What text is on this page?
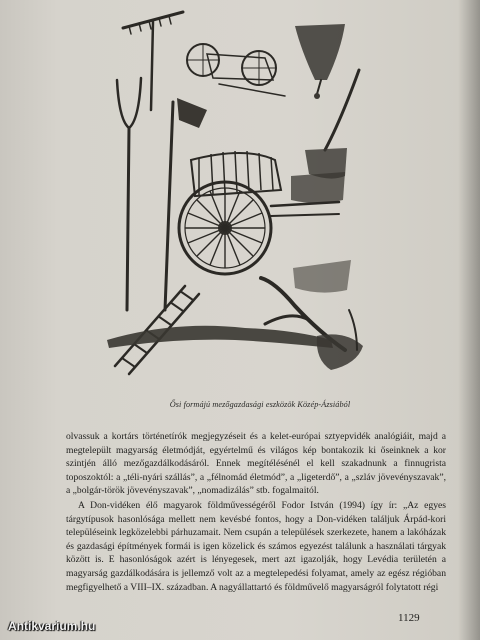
Ősi formájú mezőgazdasági eszközök Közép-Ázsiából
olvassuk a kortárs történetírók megjegyzéseit és a kelet-európai sztyepvidék analógiáit, majd a megtelepült magyarság életmódját, egyértelmű és világos kép bontakozik ki őseinknek a kor szintjén álló mezőgazdálkodásáról. Ennek megítélésénél el kell szakadnunk a finnugrista toposzoktól: a „téli-nyári szállás”, a „félnomád életmód”, a „ligeterdő”, a „szláv jövevényszavak”, a „bolgár-török jövevényszavak”, „nomadizálás” stb. fogalmaitól.
A Don-vidéken élő magyarok földművességéről Fodor István (1994) így ír: „Az egyes tárgytípusok hasonlósága mellett nem kevésbé fontos, hogy a Don-vidéken találjuk Árpád-kori településeink legközelebbi párhuzamait. Nem csupán a települések szerkezete, hanem a lakóházak és gazdasági építmények formái is igen közelick és számos egyezést találunk a használati tárgyak között is. E hasonlóságok azért is lényegesek, mert azt igazolják, hogy Levédia területén a magyarság gazdálkodására is jellemző volt az a megtelepedési folyamat, amely az egész régióban megfigyelhető a VIII–IX. században. A nagyállattartó és földművelő magyarságról folytatott régi
1129
Antikvarium.hu
